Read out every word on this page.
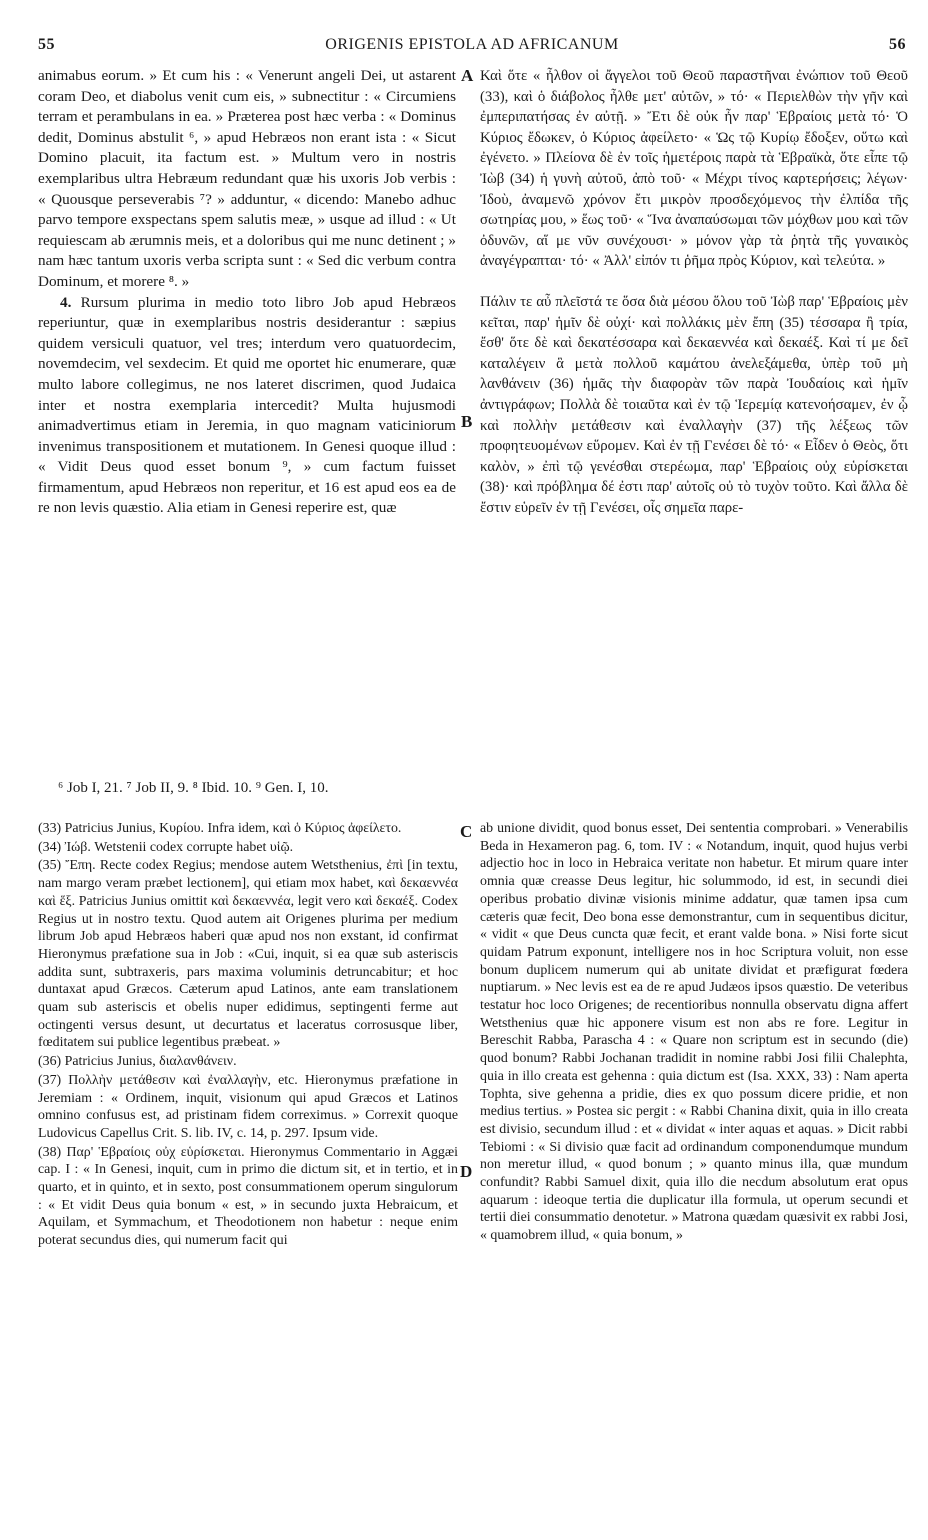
55	ORIGENIS EPISTOLA AD AFRICANUM	56

animabus eorum. » Et cum his : « Venerunt angeli Dei, ut astarent coram Deo, et diabolus venit cum eis, » subnectitur : « Circumiens terram et perambulans in ea. » Præterea post hæc verba : « Dominus dedit, Dominus abstulit ⁶, » apud Hebræos non erant ista : « Sicut Domino placuit, ita factum est. » Multum vero in nostris exemplaribus ultra Hebræum redundant quæ his uxoris Job verbis : « Quousque perseverabis ⁷? » adduntur, « dicendo: Manebo adhuc parvo tempore exspectans spem salutis meæ, » usque ad illud : « Ut requiescam ab ærumnis meis, et a doloribus qui me nunc detinent ; » nam hæc tantum uxoris verba scripta sunt : « Sed dic verbum contra Dominum, et morere ⁸. »

4. Rursum plurima in medio toto libro Job apud Hebræos reperiuntur, quæ in exemplaribus nostris desiderantur : sæpius quidem versiculi quatuor, vel tres; interdum vero quatuordecim, novemdecim, vel sexdecim. Et quid me oportet hic enumerare, quæ multo labore collegimus, ne nos lateret discrimen, quod Judaica inter et nostra exemplaria intercedit? Multa hujusmodi animadvertimus etiam in Jeremia, in quo magnam vaticiniorum invenimus transpositionem et mutationem. In Genesi quoque illud : « Vidit Deus quod esset bonum ⁹, » cum factum fuisset firmamentum, apud Hebræos non reperitur, et 16 est apud eos ea de re non levis quæstio. Alia etiam in Genesi reperire est, quæ

A
B

Καὶ ὅτε « ἦλθον οἱ ἄγγελοι τοῦ Θεοῦ παραστῆναι ἐνώπιον τοῦ Θεοῦ (33), καὶ ὁ διάβολος ἦλθε μετ' αὐτῶν, » τό· « Περιελθὼν τὴν γῆν καὶ ἐμπεριπατήσας ἐν αὐτῇ. » Ἔτι δὲ οὐκ ἦν παρ' Ἑβραίοις μετὰ τό· Ὁ Κύριος ἔδωκεν, ὁ Κύριος ἀφείλετο· « Ὡς τῷ Κυρίῳ ἔδοξεν, οὕτω καὶ ἐγένετο. » Πλείονα δὲ ἐν τοῖς ἡμετέροις παρὰ τὰ Ἑβραϊκὰ, ὅτε εἶπε τῷ Ἰὼβ (34) ἡ γυνὴ αὐτοῦ, ἀπὸ τοῦ· « Μέχρι τίνος καρτερήσεις; λέγων· Ἰδοὺ, ἀναμενῶ χρόνον ἔτι μικρὸν προσδεχόμενος τὴν ἐλπίδα τῆς σωτηρίας μου, » ἕως τοῦ· « Ἵνα ἀναπαύσωμαι τῶν μόχθων μου καὶ τῶν ὀδυνῶν, αἵ με νῦν συνέχουσι· » μόνον γὰρ τὰ ῥητὰ τῆς γυναικὸς ἀναγέγραπται· τό· « Ἀλλ' εἰπόν τι ῥῆμα πρὸς Κύριον, καὶ τελεύτα. »

Πάλιν τε αὖ πλεῖστά τε ὅσα διὰ μέσου ὅλου τοῦ Ἰὼβ παρ' Ἑβραίοις μὲν κεῖται, παρ' ἡμῖν δὲ οὐχί· καὶ πολλάκις μὲν ἔπη (35) τέσσαρα ἢ τρία, ἔσθ' ὅτε δὲ καὶ δεκατέσσαρα καὶ δεκαεννέα καὶ δεκαέξ. Καὶ τί με δεῖ καταλέγειν ἃ μετὰ πολλοῦ καμάτου ἀνελεξάμεθα, ὑπὲρ τοῦ μὴ λανθάνειν (36) ἡμᾶς τὴν διαφορὰν τῶν παρὰ Ἰουδαίοις καὶ ἡμῖν ἀντιγράφων; Πολλὰ δὲ τοιαῦτα καὶ ἐν τῷ Ἱερεμίᾳ κατενοήσαμεν, ἐν ᾧ καὶ πολλὴν μετάθεσιν καὶ ἐναλλαγὴν (37) τῆς λέξεως τῶν προφητευομένων εὕρομεν. Καὶ ἐν τῇ Γενέσει δὲ τό· « Εἶδεν ὁ Θεὸς, ὅτι καλὸν, » ἐπὶ τῷ γενέσθαι στερέωμα, παρ' Ἑβραίοις οὐχ εὑρίσκεται (38)· καὶ πρόβλημα δέ ἐστι παρ' αὐτοῖς οὐ τὸ τυχὸν τοῦτο. Καὶ ἄλλα δὲ ἔστιν εὑρεῖν ἐν τῇ Γενέσει, οἷς σημεῖα παρε-

⁶ Job I, 21. ⁷ Job II, 9. ⁸ Ibid. 10. ⁹ Gen. I, 10.

(33) Patricius Junius, Κυρίου. Infra idem, καὶ ὁ Κύριος ἀφείλετο.

(34) Ἰώβ. Wetstenii codex corrupte habet υἱῷ.

(35) Ἔπη. Recte codex Regius; mendose autem Wetsthenius, ἐπὶ [in textu, nam margo veram præbet lectionem], qui etiam mox habet, καὶ δεκαεννέα καὶ ἕξ. Patricius Junius omittit καὶ δεκαεννέα, legit vero καὶ δεκαέξ. Codex Regius ut in nostro textu. Quod autem ait Origenes plurima per medium librum Job apud Hebræos haberi quæ apud nos non exstant, id confirmat Hieronymus præfatione sua in Job : «Cui, inquit, si ea quæ sub asteriscis addita sunt, subtraxeris, pars maxima voluminis detruncabitur; et hoc duntaxat apud Græcos. Cæterum apud Latinos, ante eam translationem quam sub asteriscis et obelis nuper edidimus, septingenti ferme aut octingenti versus desunt, ut decurtatus et laceratus corrosusque liber, fœditatem sui publice legentibus præbeat. »

(36) Patricius Junius, διαλανθάνειν.

(37) Πολλὴν μετάθεσιν καὶ ἐναλλαγὴν, etc. Hieronymus præfatione in Jeremiam : « Ordinem, inquit, visionum qui apud Græcos et Latinos omnino confusus est, ad pristinam fidem correximus. » Correxit quoque Ludovicus Capellus Crit. S. lib. IV, c. 14, p. 297. Ipsum vide.

(38) Παρ' Ἑβραίοις οὐχ εὑρίσκεται. Hieronymus Commentario in Aggæi cap. I : « In Genesi, inquit, cum in primo die dictum sit, et in tertio, et in quarto, et in quinto, et in sexto, post consummationem operum singulorum : « Et vidit Deus quia bonum « est, » in secundo juxta Hebraicum, et Aquilam, et Symmachum, et Theodotionem non habetur : neque enim poterat secundus dies, qui numerum facit qui

C
D

ab unione dividit, quod bonus esset, Dei sententia comprobari. » Venerabilis Beda in Hexameron pag. 6, tom. IV : « Notandum, inquit, quod hujus verbi adjectio hoc in loco in Hebraica veritate non habetur. Et mirum quare inter omnia quæ creasse Deus legitur, hic solummodo, id est, in secundi diei operibus probatio divinæ visionis minime addatur, quæ tamen ipsa cum cæteris quæ fecit, Deo bona esse demonstrantur, cum in sequentibus dicitur, « vidit « que Deus cuncta quæ fecit, et erant valde bona. » Nisi forte sicut quidam Patrum exponunt, intelligere nos in hoc Scriptura voluit, non esse bonum duplicem numerum qui ab unitate dividat et præfigurat fœdera nuptiarum. » Nec levis est ea de re apud Judæos ipsos quæstio. De veteribus testatur hoc loco Origenes; de recentioribus nonnulla observatu digna affert Wetsthenius quæ hic apponere visum est non abs re fore. Legitur in Bereschit Rabba, Parascha 4 : « Quare non scriptum est in secundo (die) quod bonum? Rabbi Jochanan tradidit in nomine rabbi Josi filii Chalephta, quia in illo creata est gehenna : quia dictum est (Isa. XXX, 33) : Nam aperta Tophta, sive gehenna a pridie, dies ex quo possum dicere pridie, et non medius tertius. » Postea sic pergit : « Rabbi Chanina dixit, quia in illo creata est divisio, secundum illud : et « dividat « inter aquas et aquas. » Dicit rabbi Tebiomi : « Si divisio quæ facit ad ordinandum componendumque mundum non meretur illud, « quod bonum ; » quanto minus illa, quæ mundum confundit? Rabbi Samuel dixit, quia illo die necdum absolutum erat opus aquarum : ideoque tertia die duplicatur illa formula, ut operum secundi et tertii diei consummatio denotetur. » Matrona quædam quæsivit ex rabbi Josi, « quamobrem illud, « quia bonum, »
